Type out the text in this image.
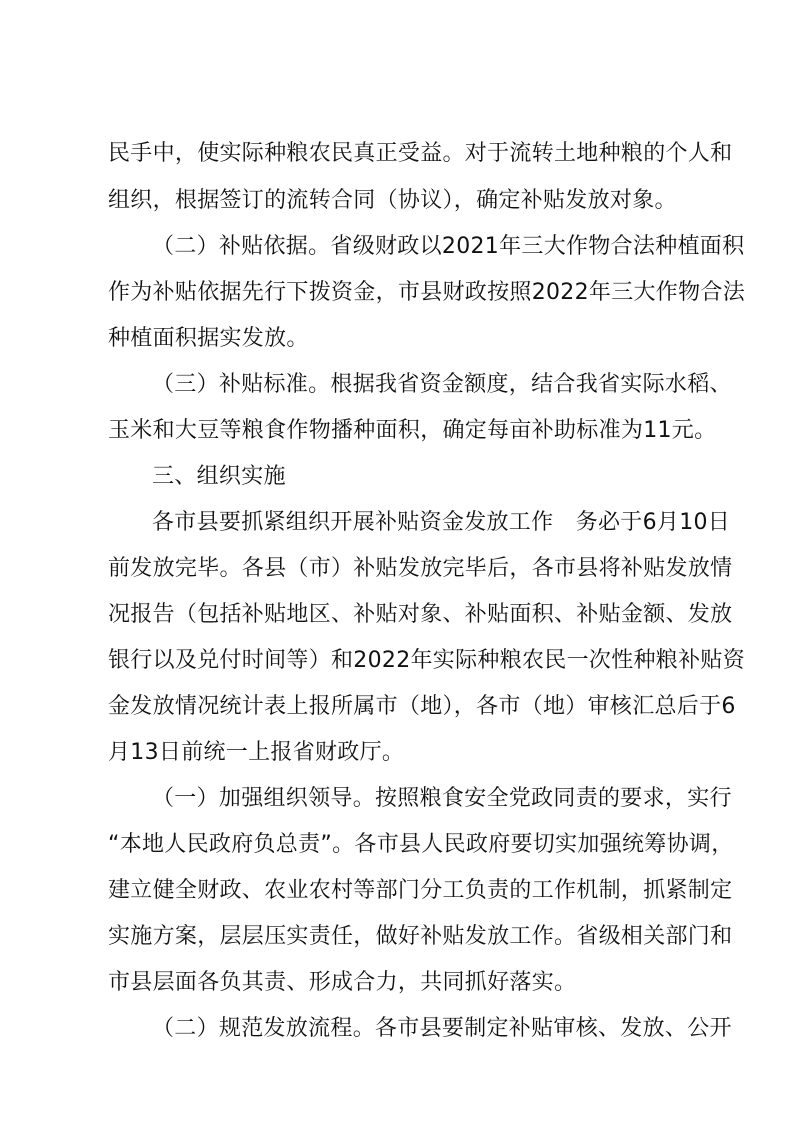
民手中，使实际种粮农民真正受益。对于流转土地种粮的个人和
组织，根据签订的流转合同（协议），确定补贴发放对象。
（二）补贴依据。省级财政以2021年三大作物合法种植面积
作为补贴依据先行下拨资金，市县财政按照2022年三大作物合法
种植面积据实发放。
（三）补贴标准。根据我省资金额度，结合我省实际水稻、
玉米和大豆等粮食作物播种面积，确定每亩补助标准为11元。
三、组织实施
各市县要抓紧组织开展补贴资金发放工作　务必于6月10日
前发放完毕。各县（市）补贴发放完毕后，各市县将补贴发放情
况报告（包括补贴地区、补贴对象、补贴面积、补贴金额、发放
银行以及兑付时间等）和2022年实际种粮农民一次性种粮补贴资
金发放情况统计表上报所属市（地），各市（地）审核汇总后于6
月13日前统一上报省财政厅。
（一）加强组织领导。按照粮食安全党政同责的要求，实行
“本地人民政府负总责”。各市县人民政府要切实加强统筹协调，
建立健全财政、农业农村等部门分工负责的工作机制，抓紧制定
实施方案，层层压实责任，做好补贴发放工作。省级相关部门和
市县层面各负其责、形成合力，共同抓好落实。
（二）规范发放流程。各市县要制定补贴审核、发放、公开
